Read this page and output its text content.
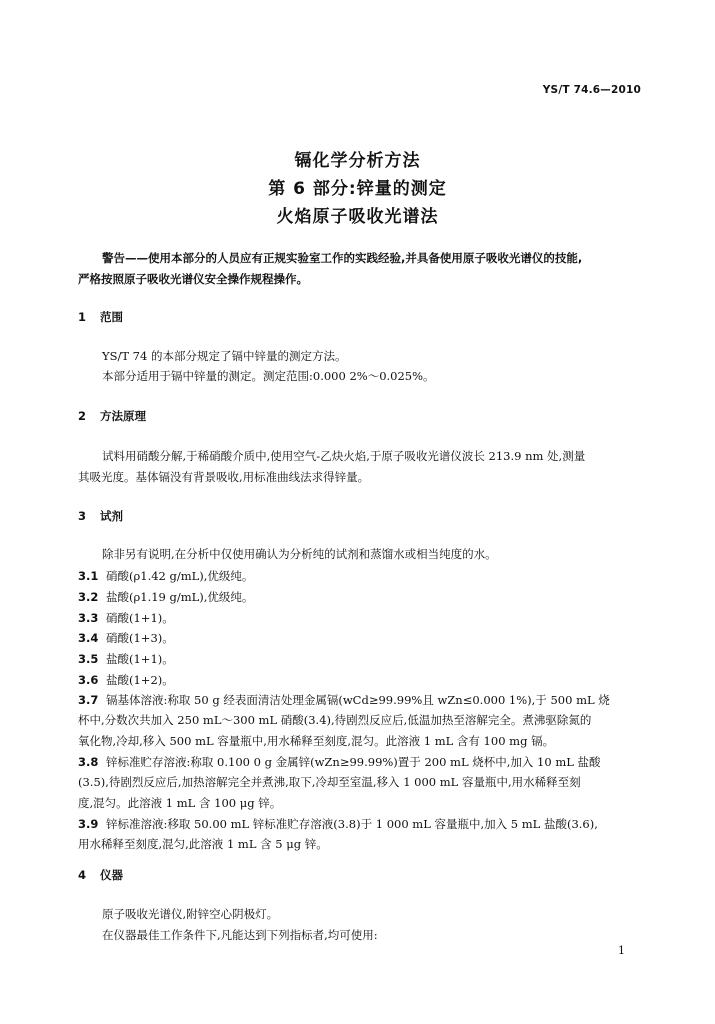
YS/T 74.6—2010
镉化学分析方法
第 6 部分:锌量的测定
火焰原子吸收光谱法
警告——使用本部分的人员应有正规实验室工作的实践经验,并具备使用原子吸收光谱仪的技能,
严格按照原子吸收光谱仪安全操作规程操作。
1 范围
YS/T 74 的本部分规定了镉中锌量的测定方法。
本部分适用于镉中锌量的测定。测定范围:0.000 2%～0.025%。
2 方法原理
试料用硝酸分解,于稀硝酸介质中,使用空气-乙炔火焰,于原子吸收光谱仪波长 213.9 nm 处,测量
其吸光度。基体镉没有背景吸收,用标准曲线法求得锌量。
3 试剂
除非另有说明,在分析中仅使用确认为分析纯的试剂和蒸馏水或相当纯度的水。
3.1 硝酸(ρ1.42 g/mL),优级纯。
3.2 盐酸(ρ1.19 g/mL),优级纯。
3.3 硝酸(1+1)。
3.4 硝酸(1+3)。
3.5 盐酸(1+1)。
3.6 盐酸(1+2)。
3.7 镉基体溶液:称取 50 g 经表面清洁处理金属镉(wCd≥99.99%且 wZn≤0.000 1%),于 500 mL 烧
杯中,分数次共加入 250 mL～300 mL 硝酸(3.4),待剧烈反应后,低温加热至溶解完全。煮沸驱除氮的
氧化物,冷却,移入 500 mL 容量瓶中,用水稀释至刻度,混匀。此溶液 1 mL 含有 100 mg 镉。
3.8 锌标准贮存溶液:称取 0.100 0 g 金属锌(wZn≥99.99%)置于 200 mL 烧杯中,加入 10 mL 盐酸
(3.5),待剧烈反应后,加热溶解完全并煮沸,取下,冷却至室温,移入 1 000 mL 容量瓶中,用水稀释至刻
度,混匀。此溶液 1 mL 含 100 μg 锌。
3.9 锌标准溶液:移取 50.00 mL 锌标准贮存溶液(3.8)于 1 000 mL 容量瓶中,加入 5 mL 盐酸(3.6),
用水稀释至刻度,混匀,此溶液 1 mL 含 5 μg 锌。
4 仪器
原子吸收光谱仪,附锌空心阴极灯。
在仪器最佳工作条件下,凡能达到下列指标者,均可使用:
1
